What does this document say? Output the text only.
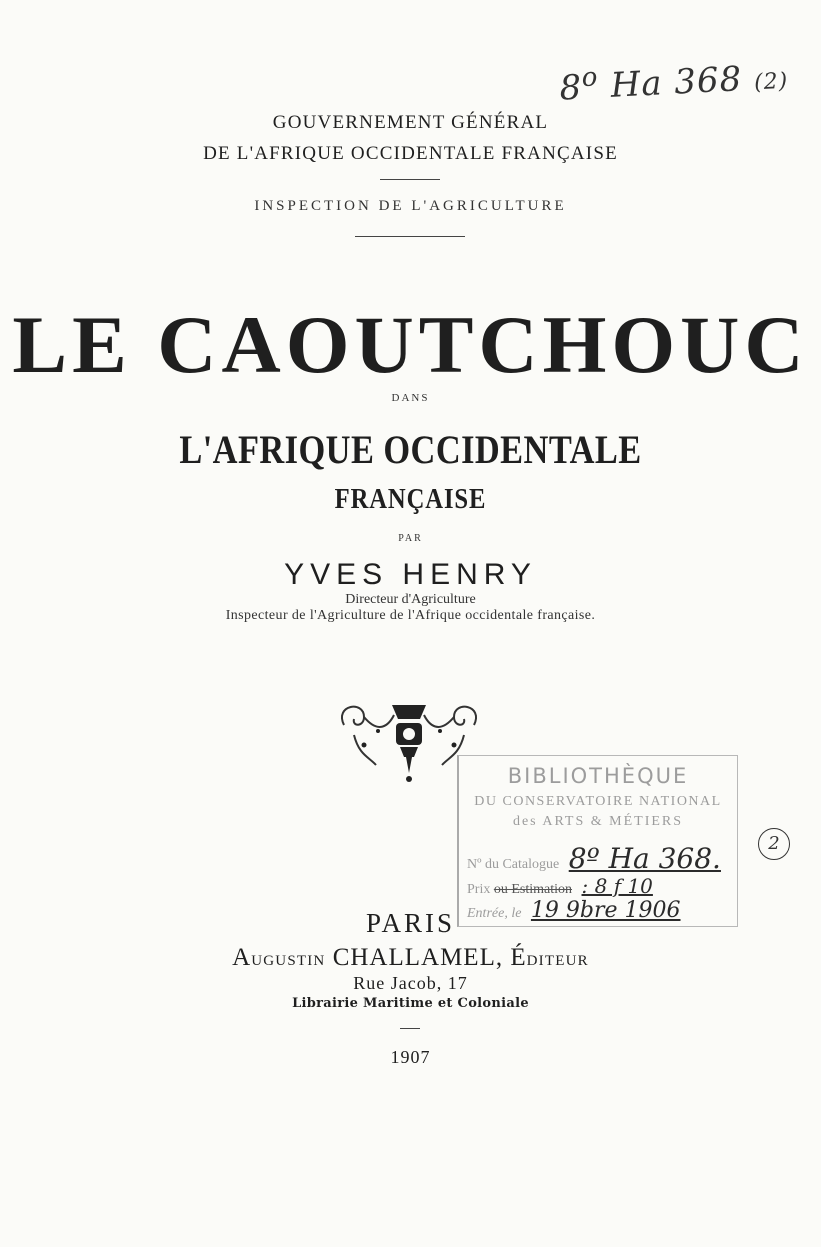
8$^o$ Ha 368 (2)
GOUVERNEMENT GÉNÉRAL
DE L'AFRIQUE OCCIDENTALE FRANÇAISE
INSPECTION DE L'AGRICULTURE
LE CAOUTCHOUC
DANS
L'AFRIQUE OCCIDENTALE
FRANÇAISE
PAR
YVES HENRY
Directeur d'Agriculture
Inspecteur de l'Agriculture de l'Afrique occidentale française.
BIBLIOTHÈQUE
DU CONSERVATOIRE NATIONAL
des ARTS & MÉTIERS
Nº du Catalogue 8º Ha 368.
Prix ou Estimation : 8 f 10
Entrée, le 19 9bre 1906
2
PARIS
AUGUSTIN CHALLAMEL, ÉDITEUR
Rue Jacob, 17
Librairie Maritime et Coloniale
1907
